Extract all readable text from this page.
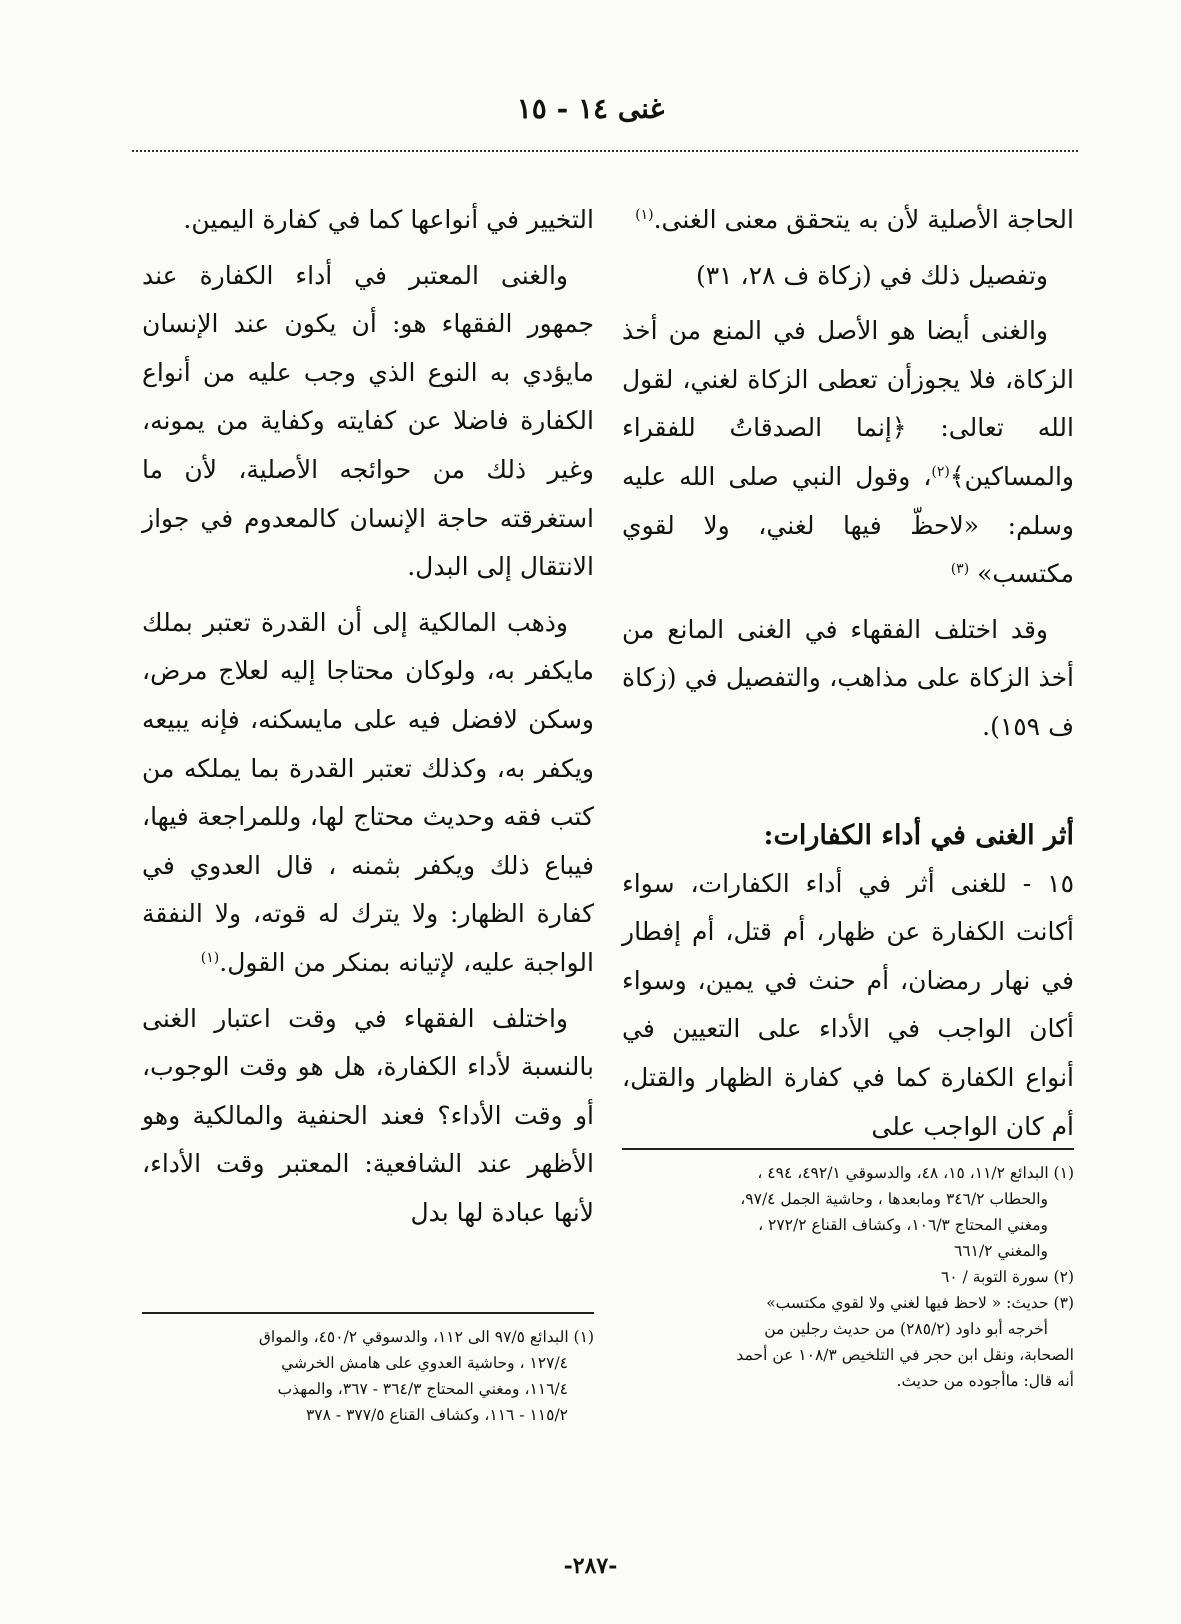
غنى ١٤ - ١٥

الحاجة الأصلية لأن به يتحقق معنى الغنى.$^{(١)}$

وتفصيل ذلك في (زكاة ف ٢٨، ٣١)

والغنى أيضا هو الأصل في المنع من أخذ الزكاة، فلا يجوزأن تعطى الزكاة لغني، لقول الله تعالى: ﴿إنما الصدقاتُ للفقراء والمساكين﴾$^{(٢)}$، وقول النبي صلى الله عليه وسلم: «لاحظّ فيها لغني، ولا لقوي مكتسب» $^{(٣)}$

وقد اختلف الفقهاء في الغنى المانع من أخذ الزكاة على مذاهب، والتفصيل في (زكاة ف ١٥٩).

أثر الغنى في أداء الكفارات:

١٥ - للغنى أثر في أداء الكفارات، سواء أكانت الكفارة عن ظهار، أم قتل، أم إفطار في نهار رمضان، أم حنث في يمين، وسواء أكان الواجب في الأداء على التعيين في أنواع الكفارة كما في كفارة الظهار والقتل، أم كان الواجب على

التخيير في أنواعها كما في كفارة اليمين.

والغنى المعتبر في أداء الكفارة عند جمهور الفقهاء هو: أن يكون عند الإنسان مايؤدي به النوع الذي وجب عليه من أنواع الكفارة فاضلا عن كفايته وكفاية من يمونه، وغير ذلك من حوائجه الأصلية، لأن ما استغرقته حاجة الإنسان كالمعدوم في جواز الانتقال إلى البدل.

وذهب المالكية إلى أن القدرة تعتبر بملك مايكفر به، ولوكان محتاجا إليه لعلاج مرض، وسكن لافضل فيه على مايسكنه، فإنه يبيعه ويكفر به، وكذلك تعتبر القدرة بما يملكه من كتب فقه وحديث محتاج لها، وللمراجعة فيها، فيباع ذلك ويكفر بثمنه ، قال العدوي في كفارة الظهار: ولا يترك له قوته، ولا النفقة الواجبة عليه، لإتيانه بمنكر من القول.$^{(١)}$

واختلف الفقهاء في وقت اعتبار الغنى بالنسبة لأداء الكفارة، هل هو وقت الوجوب، أو وقت الأداء؟ فعند الحنفية والمالكية وهو الأظهر عند الشافعية: المعتبر وقت الأداء، لأنها عبادة لها بدل

(١) البدائع ١١/٢، ١٥، ٤٨، والدسوقي ٤٩٢/١، ٤٩٤ ،
والحطاب ٣٤٦/٢ ومابعدها ، وحاشية الجمل ٩٧/٤،
ومغني المحتاج ١٠٦/٣، وكشاف القناع ٢٧٢/٢ ،
والمغني ٦٦١/٢
(٢) سورة التوبة / ٦٠
(٣) حديث: « لاحظ فيها لغني ولا لقوي مكتسب»
أخرجه أبو داود (٢٨٥/٢) من حديث رجلين من
الصحابة، ونقل ابن حجر في التلخيص ١٠٨/٣ عن أحمد
أنه قال: ماأجوده من حديث.
(١) البدائع ٩٧/٥ الى ١١٢، والدسوقي ٤٥٠/٢، والمواق
١٢٧/٤ ، وحاشية العدوي على هامش الخرشي
١١٦/٤، ومغني المحتاج ٣٦٤/٣ - ٣٦٧، والمهذب
١١٥/٢ - ١١٦، وكشاف القناع ٣٧٧/٥ - ٣٧٨
-٢٨٧-
